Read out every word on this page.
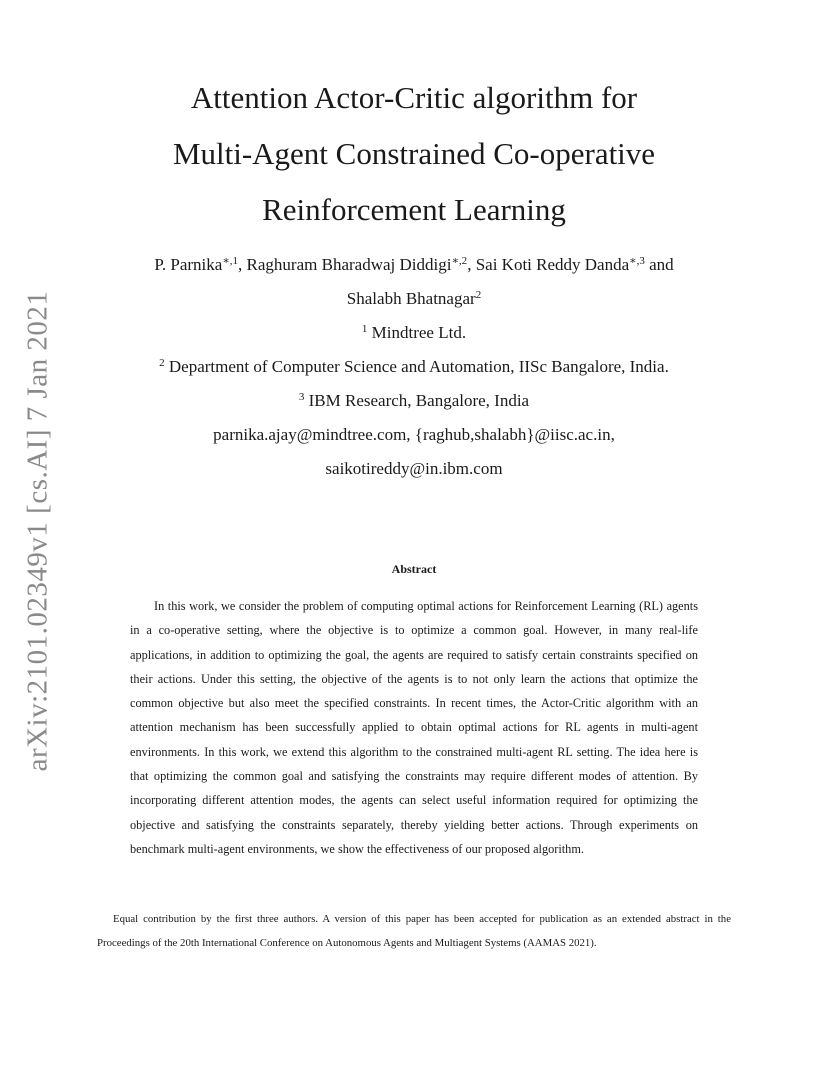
arXiv:2101.02349v1 [cs.AI] 7 Jan 2021
Attention Actor-Critic algorithm for
Multi-Agent Constrained Co-operative
Reinforcement Learning
P. Parnika$^{∗,1}$, Raghuram Bharadwaj Diddigi$^{∗,2}$, Sai Koti Reddy Danda$^{∗,3}$ and
Shalabh Bhatnagar$^2$
$^1$ Mindtree Ltd.
$^2$ Department of Computer Science and Automation, IISc Bangalore, India.
$^3$ IBM Research, Bangalore, India
parnika.ajay@mindtree.com, {raghub,shalabh}@iisc.ac.in,
saikotireddy@in.ibm.com
Abstract
In this work, we consider the problem of computing optimal actions for Reinforcement Learning (RL) agents in a co-operative setting, where the objective is to optimize a common goal. However, in many real-life applications, in addition to optimizing the goal, the agents are required to satisfy certain constraints specified on their actions. Under this setting, the objective of the agents is to not only learn the actions that optimize the common objective but also meet the specified constraints. In recent times, the Actor-Critic algorithm with an attention mechanism has been successfully applied to obtain optimal actions for RL agents in multi-agent environments. In this work, we extend this algorithm to the constrained multi-agent RL setting. The idea here is that optimizing the common goal and satisfying the constraints may require different modes of attention. By incorporating different attention modes, the agents can select useful information required for optimizing the objective and satisfying the constraints separately, thereby yielding better actions. Through experiments on benchmark multi-agent environments, we show the effectiveness of our proposed algorithm.
Equal contribution by the first three authors. A version of this paper has been accepted for publication as an extended abstract in the Proceedings of the 20th International Conference on Autonomous Agents and Multiagent Systems (AAMAS 2021).
